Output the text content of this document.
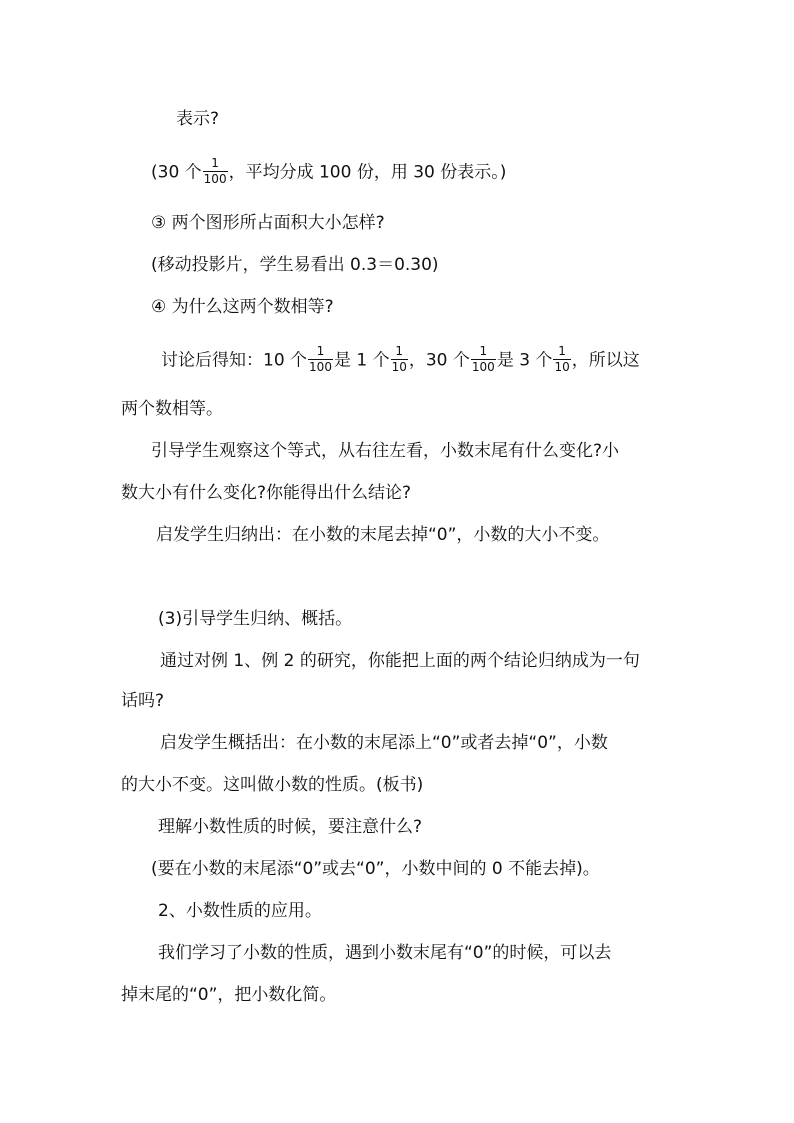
表示?

(30 个 $\frac{1}{100}$ ，平均分成 100 份，用 30 份表示。)

③ 两个图形所占面积大小怎样?

(移动投影片，学生易看出 0.3＝0.30)

④ 为什么这两个数相等?

讨论后得知：10 个 $\frac{1}{100}$ 是 1 个 $\frac{1}{10}$ ，30 个 $\frac{1}{100}$ 是 3 个 $\frac{1}{10}$ ，所以这

两个数相等。

引导学生观察这个等式，从右往左看，小数末尾有什么变化?小

数大小有什么变化?你能得出什么结论?

启发学生归纳出：在小数的末尾去掉“0”，小数的大小不变。

(3)引导学生归纳、概括。

通过对例 1、例 2 的研究，你能把上面的两个结论归纳成为一句

话吗?

启发学生概括出：在小数的末尾添上“0”或者去掉“0”，小数

的大小不变。这叫做小数的性质。(板书)

理解小数性质的时候，要注意什么?

(要在小数的末尾添“0”或去“0”，小数中间的 0 不能去掉)。

2、小数性质的应用。

我们学习了小数的性质，遇到小数末尾有“0”的时候，可以去

掉末尾的“0”，把小数化简。
